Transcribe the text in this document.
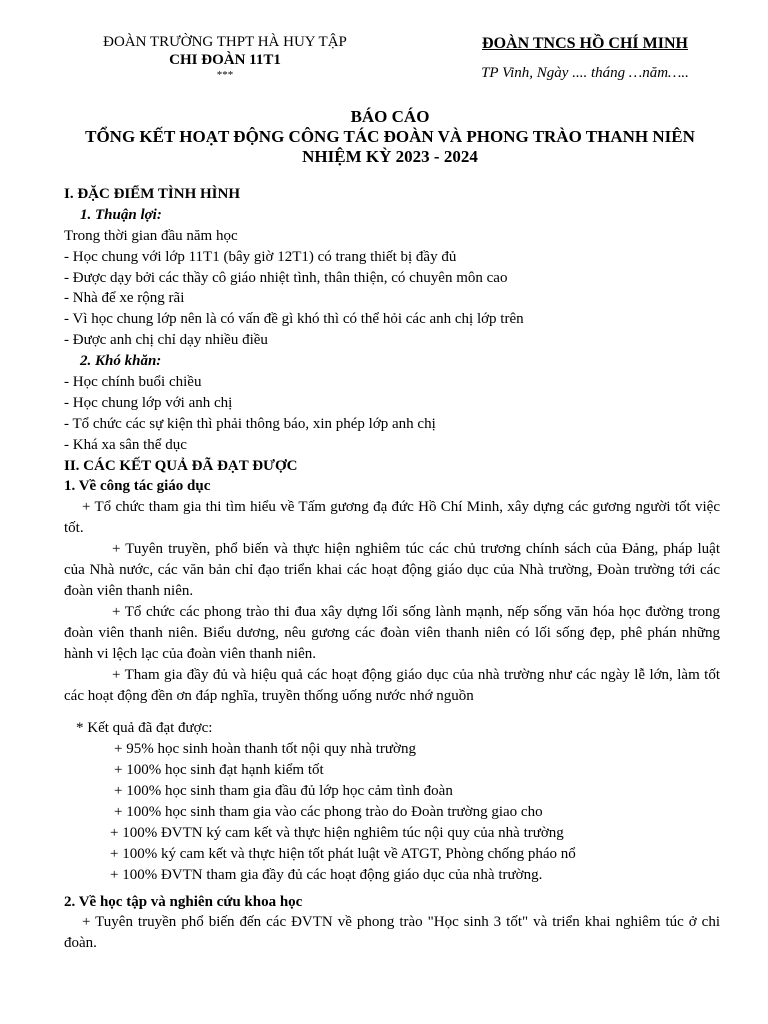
ĐOÀN TRƯỜNG THPT HÀ HUY TẬP
CHI ĐOÀN 11T1
***
ĐOÀN TNCS HỒ CHÍ MINH
TP Vinh, Ngày .... tháng …năm…..
BÁO CÁO
TỔNG KẾT HOẠT ĐỘNG CÔNG TÁC ĐOÀN VÀ PHONG TRÀO THANH NIÊN
NHIỆM KỲ 2023 - 2024
I. ĐẶC ĐIỂM TÌNH HÌNH
1. Thuận lợi:
Trong thời gian đầu năm học
- Học chung với lớp 11T1 (bây giờ 12T1) có trang thiết bị đầy đủ
- Được dạy bởi các thầy cô giáo nhiệt tình, thân thiện, có chuyên môn cao
- Nhà để xe rộng rãi
- Vì học chung lớp nên là có vấn đề gì khó thì có thể hỏi các anh chị lớp trên
- Được anh chị chỉ dạy nhiều điều
2. Khó khăn:
- Học chính buổi chiều
- Học chung lớp với anh chị
- Tổ chức các sự kiện thì phải thông báo, xin phép lớp anh chị
- Khá xa sân thể dục
II. CÁC KẾT QUẢ ĐÃ ĐẠT ĐƯỢC
1. Về công tác giáo dục
+ Tổ chức tham gia thi tìm hiểu về Tấm gương đạ đức Hồ Chí Minh, xây dựng các gương người tốt việc tốt.
+ Tuyên truyền, phổ biến và thực hiện nghiêm túc các chủ trương chính sách của Đảng, pháp luật của Nhà nước, các văn bản chỉ đạo triển khai các hoạt động giáo dục của Nhà trường, Đoàn trường tới các đoàn viên thanh niên.
+ Tổ chức các phong trào thi đua xây dựng lối sống lành mạnh, nếp sống văn hóa học đường trong đoàn viên thanh niên. Biểu dương, nêu gương các đoàn viên thanh niên có lối sống đẹp, phê phán những hành vi lệch lạc của đoàn viên thanh niên.
+ Tham gia đầy đủ và hiệu quả các hoạt động giáo dục của nhà trường như các ngày lễ lớn, làm tốt các hoạt động đền ơn đáp nghĩa, truyền thống uống nước nhớ nguồn
* Kết quả đã đạt được:
+ 95% học sinh hoàn thanh tốt nội quy nhà trường
+ 100% học sinh đạt hạnh kiểm tốt
+ 100% học sinh tham gia đầu đủ lớp học cảm tình đoàn
+ 100% học sinh tham gia vào các phong trào do Đoàn trường giao cho
+ 100% ĐVTN ký cam kết và thực hiện nghiêm túc nội quy của nhà trường
+ 100% ký cam kết và thực hiện tốt phát luật về ATGT, Phòng chống pháo nổ
+ 100% ĐVTN tham gia đầy đủ các hoạt động giáo dục của nhà trường.
2. Về học tập và nghiên cứu khoa học
+ Tuyên truyền phổ biến đến các ĐVTN về phong trào "Học sinh 3 tốt" và triển khai nghiêm túc ở chi đoàn.
